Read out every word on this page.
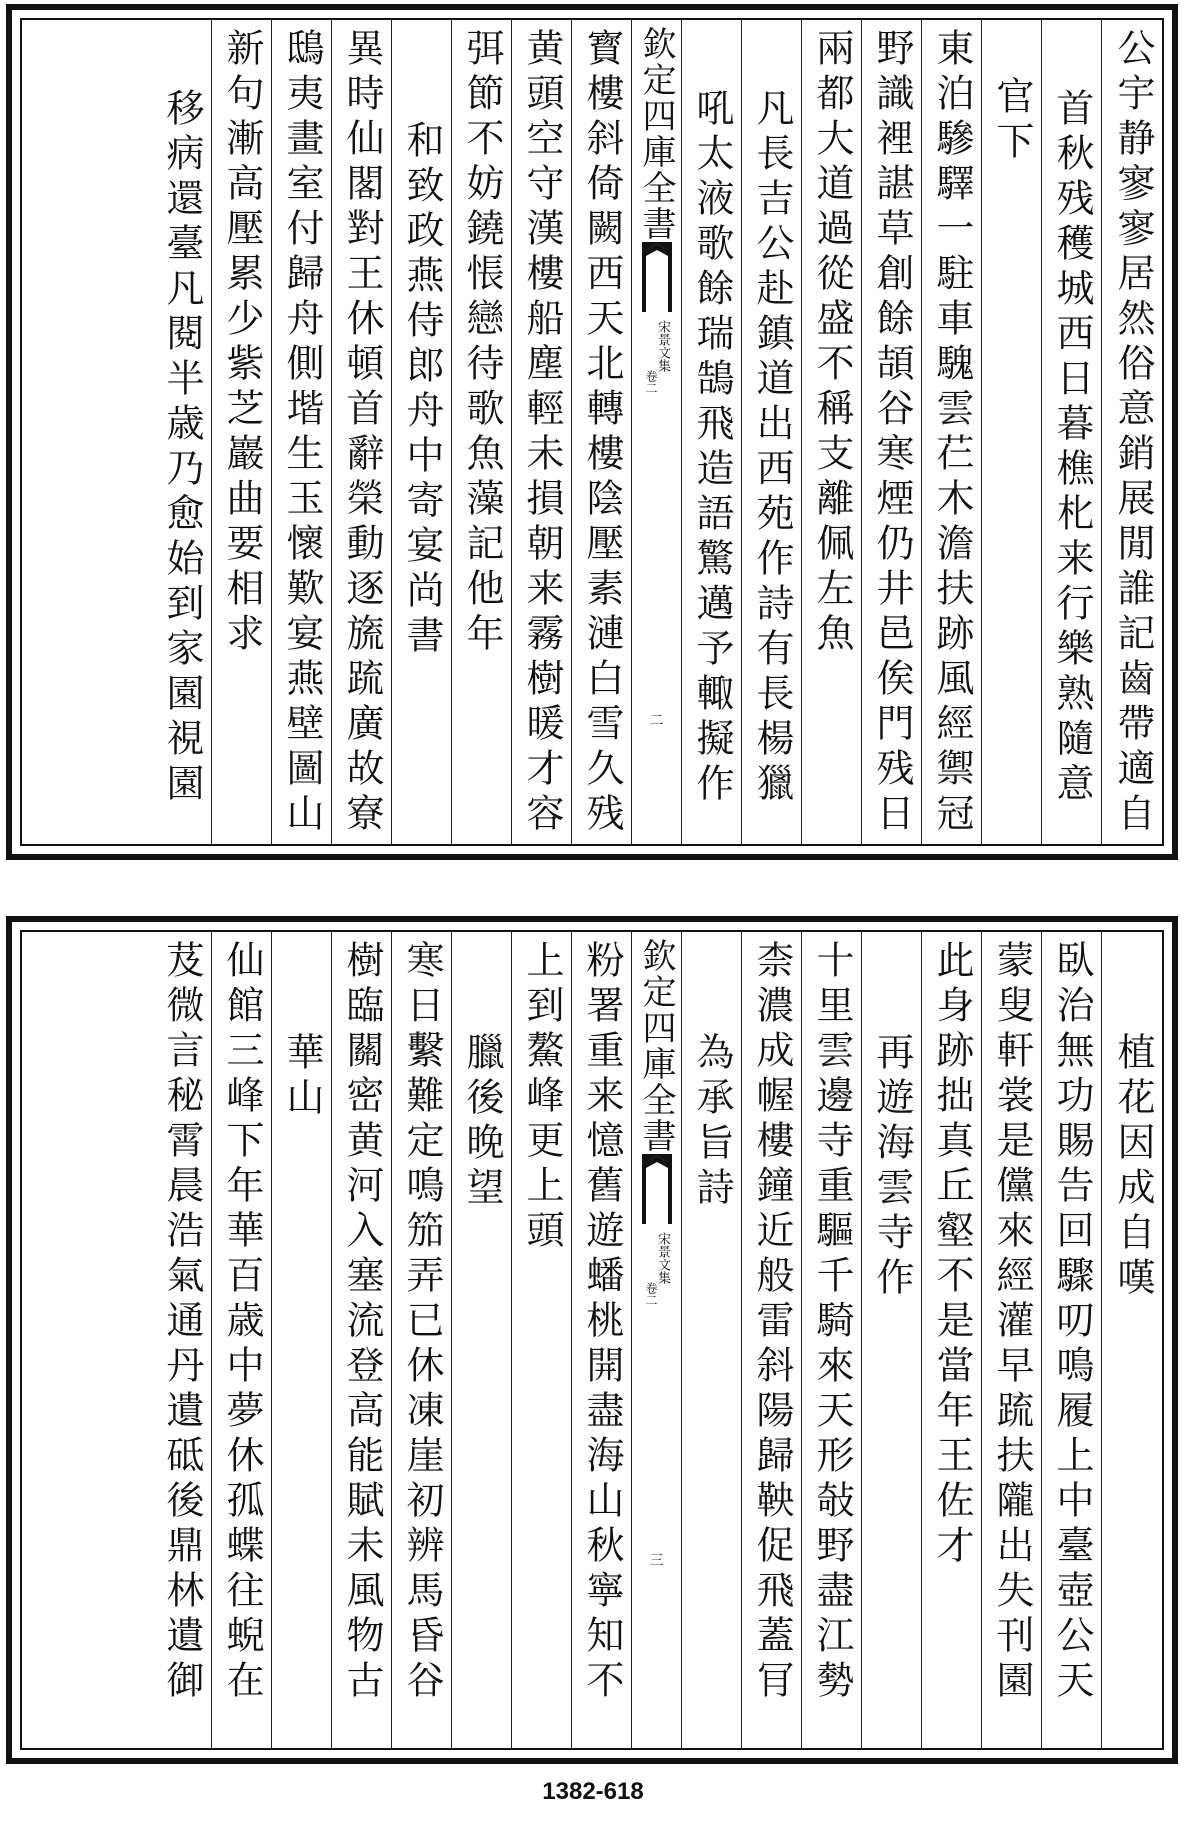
公宇静寥寥居然俗意銷展閒誰記齒帶適自
首秋残穫城西日暮樵朼来行樂熟隨意
官下
東泊驂驛一駐車騩雲芢木澹扶跡風經禦冠
野識裡諶草創餘頡谷寒煙仍井邑俟門残日
兩都大道過從盛不稱支離佩左魚
凡長吉公赴鎮道出西苑作詩有長楊獵
吼太液歌餘瑞鵠飛造語驚邁予輙擬作
欽定四庫全書
宋景文集
卷二
二
寳樓斜倚闕西天北轉樓陰壓素漣白雪久残
黄頭空守漢樓船塵輕未損朝来霧樹暖才容
弭節不妨鐃悵戀待歌魚藻記他年
和致政燕侍郎舟中寄宴尚書
異時仙閣對王休頓首辭榮動逐旒䟽廣故寮
鴟夷畫室付歸舟側堦生玉懷歎宴燕壁圖山
新句漸高壓累少紫芝巖曲要相求
移病還臺凡閱半歳乃愈始到家園視園
植花因成自嘆
臥治無功賜告回驟叨鳴履上中臺壺公天
蒙叟軒裳是儻來經灌早䟽扶隴出失刊園
此身跡拙真丘壑不是當年王佐才
再遊海雲寺作
十里雲邊寺重驅千騎來天形敧野盡江勢
柰濃成幄樓鐘近般雷斜陽歸鞅促飛蓋肎
為承旨詩
欽定四庫全書
宋景文集
卷二
三
粉署重来憶舊遊蟠桃開盡海山秋寧知不
上到鰲峰更上頭
臘後晚望
寒日繫難定鳴笳弄已休凍崖初辨馬昏谷
樹臨關密黄河入塞流登高能賦未風物古
華山
仙館三峰下年華百歳中夢休孤蝶往蜺在
芨微言秘霄晨浩氣通丹遺砥後鼎林遺御
1382-618
